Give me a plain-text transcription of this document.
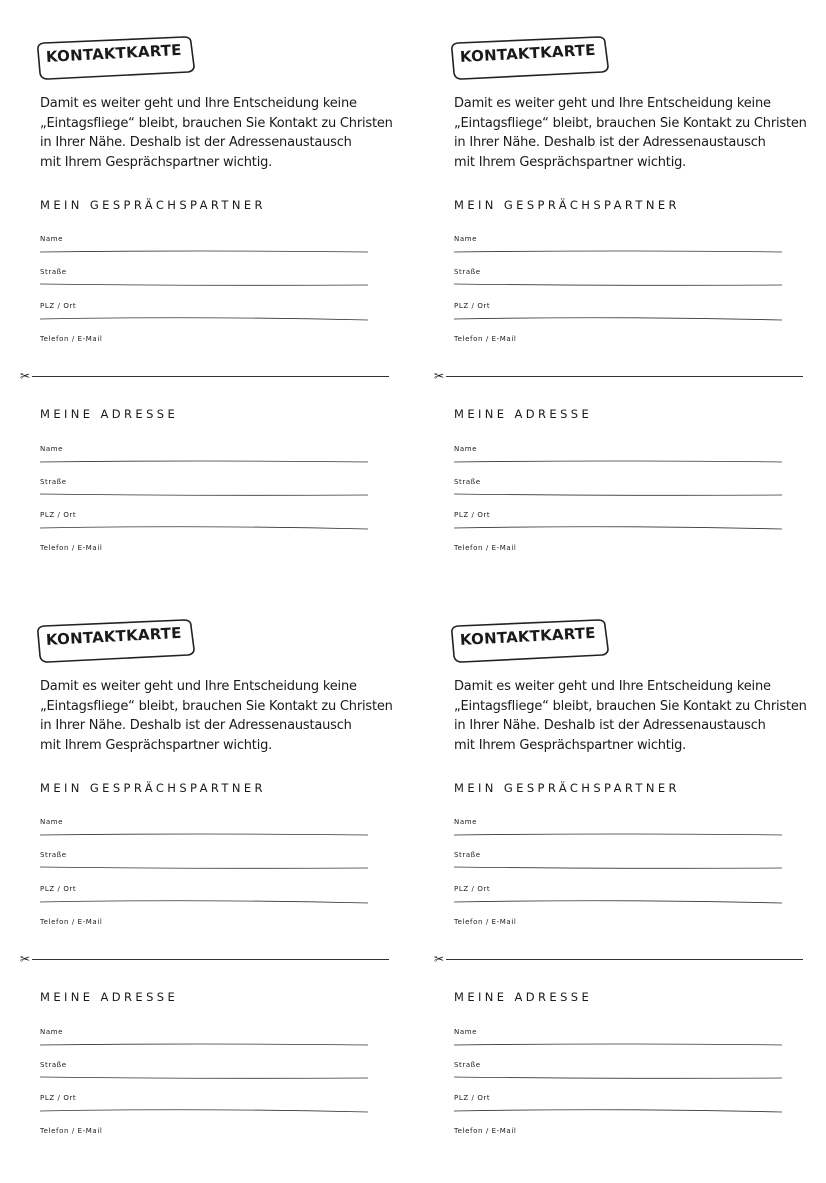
KONTAKTKARTE

Damit es weiter geht und Ihre Entscheidung keine

„Eintagsfliege“ bleibt, brauchen Sie Kontakt zu Christen

in Ihrer Nähe. Deshalb ist der Adressenaustausch

mit Ihrem Gesprächspartner wichtig.

MEIN GESPRÄCHSPARTNER
Name
Straße
PLZ / Ort
Telefon / E-Mail
✂
MEINE ADRESSE
Name
Straße
PLZ / Ort
Telefon / E-Mail
KONTAKTKARTE

Damit es weiter geht und Ihre Entscheidung keine

„Eintagsfliege“ bleibt, brauchen Sie Kontakt zu Christen

in Ihrer Nähe. Deshalb ist der Adressenaustausch

mit Ihrem Gesprächspartner wichtig.

MEIN GESPRÄCHSPARTNER
Name
Straße
PLZ / Ort
Telefon / E-Mail
✂
MEINE ADRESSE
Name
Straße
PLZ / Ort
Telefon / E-Mail
KONTAKTKARTE

Damit es weiter geht und Ihre Entscheidung keine

„Eintagsfliege“ bleibt, brauchen Sie Kontakt zu Christen

in Ihrer Nähe. Deshalb ist der Adressenaustausch

mit Ihrem Gesprächspartner wichtig.

MEIN GESPRÄCHSPARTNER
Name
Straße
PLZ / Ort
Telefon / E-Mail
✂
MEINE ADRESSE
Name
Straße
PLZ / Ort
Telefon / E-Mail
KONTAKTKARTE

Damit es weiter geht und Ihre Entscheidung keine

„Eintagsfliege“ bleibt, brauchen Sie Kontakt zu Christen

in Ihrer Nähe. Deshalb ist der Adressenaustausch

mit Ihrem Gesprächspartner wichtig.

MEIN GESPRÄCHSPARTNER
Name
Straße
PLZ / Ort
Telefon / E-Mail
✂
MEINE ADRESSE
Name
Straße
PLZ / Ort
Telefon / E-Mail
